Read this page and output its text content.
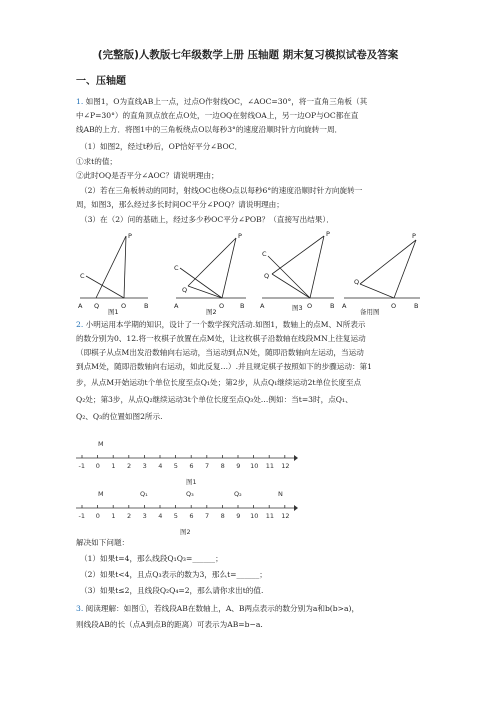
(完整版)人教版七年级数学上册 压轴题 期末复习模拟试卷及答案
一、压轴题
1. 如图1，O为直线AB上一点，过点O作射线OC，∠AOC=30°，将一直角三角板（其
中∠P=30°）的直角顶点放在点O处，一边OQ在射线OA上，另一边OP与OC都在直
线AB的上方．将图1中的三角板绕点O以每秒3°的速度沿顺时针方向旋转一周．
（1）如图2，经过t秒后，OP恰好平分∠BOC．
①求t的值；
②此时OQ是否平分∠AOC？请说明理由；
（2）若在三角板转动的同时，射线OC也绕O点以每秒6°的速度沿顺时针方向旋转一
周，如图3，那么经过多长时间OC平分∠POQ？请说明理由；
（3）在（2）问的基础上，经过多少秒OC平分∠POB？（直接写出结果）．
P
C
A Q	O	B
图1
P
C
Q
A	O B
图2
P
C
Q
A	O	B
图3
P
Q
A	O	B
备用图
2. 小明运用本学期的知识，设计了一个数学探究活动.如图1，数轴上的点M、N所表示
的数分别为0、12.将一枚棋子放置在点M处，让这枚棋子沿数轴在线段MN上往复运动
（即棋子从点M出发沿数轴向右运动，当运动到点N处，随即沿数轴向左运动，当运动
到点M处，随即沿数轴向右运动，如此反复…）.并且规定棋子按照如下的步骤运动：第1
步，从点M开始运动t个单位长度至点Q₁处；第2步，从点Q₁继续运动2t单位长度至点
Q₂处；第3步，从点Q₂继续运动3t个单位长度至点Q₃处…例如：当t=3时，点Q₁、
Q₂、Q₃的位置如图2所示.
M
-1 0 1 2 3 4 5 6 7 8 9 10 11 12
图1
M	Q₁	Q₃	Q₂	N
-1 0 1 2 3 4 5 6 7 8 9 10 11 12
图2
解决如下问题：
（1）如果t=4，那么线段Q₁Q₃=______；
（2）如果t<4，且点Q₃表示的数为3，那么t=______；
（3）如果t≤2，且线段Q₂Q₄=2，那么请你求出t的值.
3. 阅读理解：如图①，若线段AB在数轴上，A、B两点表示的数分别为a和b(b>a)，
则线段AB的长（点A到点B的距离）可表示为AB=b−a.
